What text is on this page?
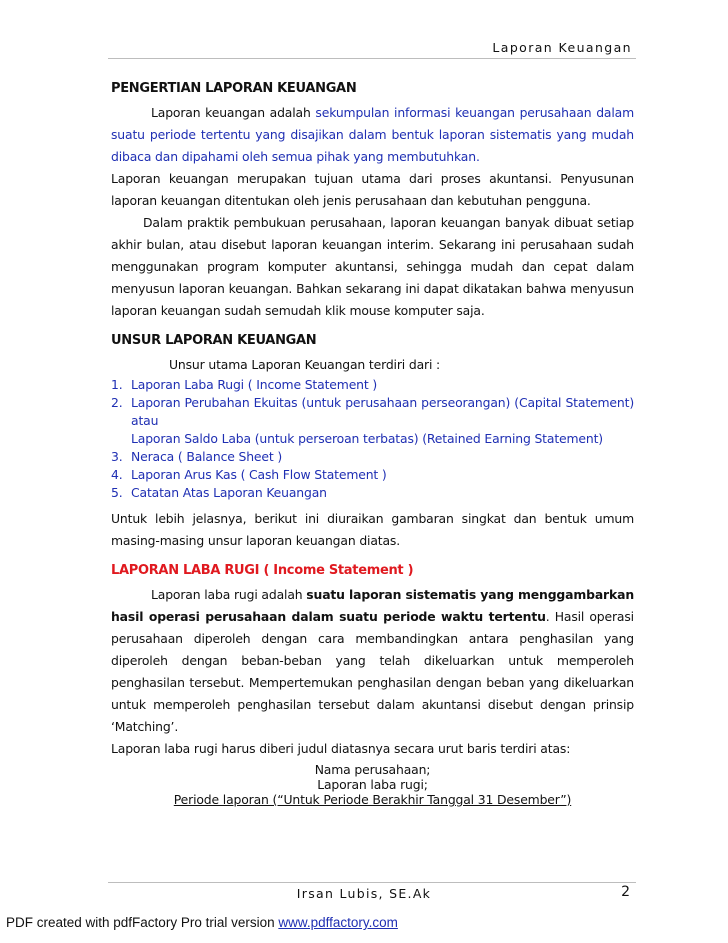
Laporan Keuangan
PENGERTIAN LAPORAN KEUANGAN

Laporan keuangan adalah sekumpulan informasi keuangan perusahaan dalam suatu periode tertentu yang disajikan dalam bentuk laporan sistematis yang mudah dibaca dan dipahami oleh semua pihak yang membutuhkan.

Laporan keuangan merupakan tujuan utama dari proses akuntansi. Penyusunan laporan keuangan ditentukan oleh jenis perusahaan dan kebutuhan pengguna.

Dalam praktik pembukuan perusahaan, laporan keuangan banyak dibuat setiap akhir bulan, atau disebut laporan keuangan interim. Sekarang ini perusahaan sudah menggunakan program komputer akuntansi, sehingga mudah dan cepat dalam menyusun laporan keuangan. Bahkan sekarang ini dapat dikatakan bahwa menyusun laporan keuangan sudah semudah klik mouse komputer saja.

UNSUR LAPORAN KEUANGAN

Unsur utama Laporan Keuangan terdiri dari :

1. Laporan Laba Rugi ( Income Statement )
2. Laporan Perubahan Ekuitas (untuk perusahaan perseorangan) (Capital Statement) atau
Laporan Saldo Laba (untuk perseroan terbatas) (Retained Earning Statement)
3. Neraca ( Balance Sheet )
4. Laporan Arus Kas ( Cash Flow Statement )
5. Catatan Atas Laporan Keuangan

Untuk lebih jelasnya, berikut ini diuraikan gambaran singkat dan bentuk umum masing-masing unsur laporan keuangan diatas.

LAPORAN LABA RUGI ( Income Statement )

Laporan laba rugi adalah suatu laporan sistematis yang menggambarkan hasil operasi perusahaan dalam suatu periode waktu tertentu. Hasil operasi perusahaan diperoleh dengan cara membandingkan antara penghasilan yang diperoleh dengan beban-beban yang telah dikeluarkan untuk memperoleh penghasilan tersebut. Mempertemukan penghasilan dengan beban yang dikeluarkan untuk memperoleh penghasilan tersebut dalam akuntansi disebut dengan prinsip ‘Matching’.

Laporan laba rugi harus diberi judul diatasnya secara urut baris terdiri atas:

Nama perusahaan;
Laporan laba rugi;
Periode laporan (“Untuk Periode Berakhir Tanggal 31 Desember”)
Irsan Lubis, SE.Ak	2
PDF created with pdfFactory Pro trial version www.pdffactory.com
